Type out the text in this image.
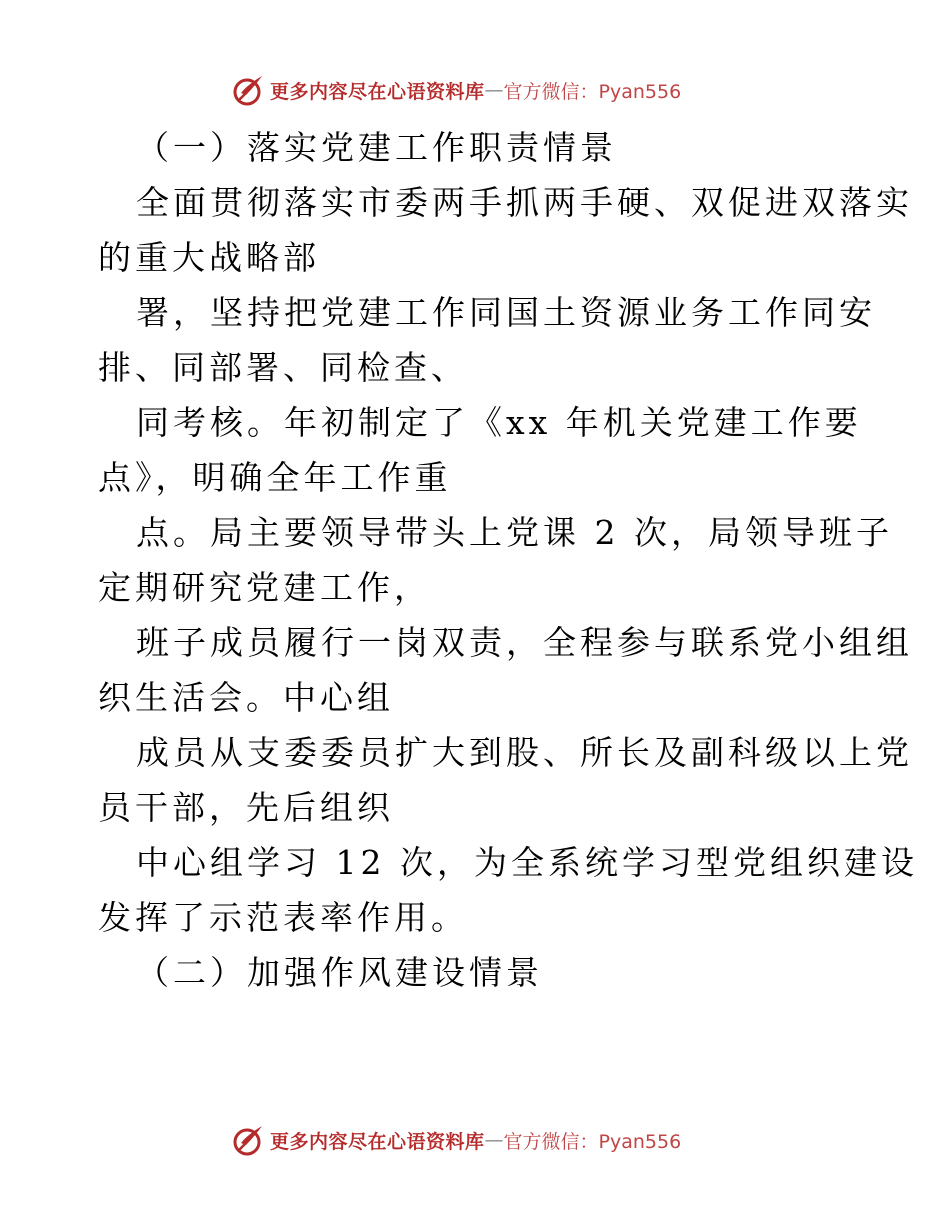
更多内容尽在心语资料库 — 官方微信：Pyan556
（一）落实党建工作职责情景
全面贯彻落实市委两手抓两手硬、双促进双落实
的重大战略部
署，坚持把党建工作同国土资源业务工作同安
排、同部署、同检查、
同考核。年初制定了《xx 年机关党建工作要
点》，明确全年工作重
点。局主要领导带头上党课 2 次，局领导班子
定期研究党建工作，
班子成员履行一岗双责，全程参与联系党小组组
织生活会。中心组
成员从支委委员扩大到股、所长及副科级以上党
员干部，先后组织
中心组学习 12 次，为全系统学习型党组织建设
发挥了示范表率作用。
（二）加强作风建设情景
更多内容尽在心语资料库 — 官方微信：Pyan556
